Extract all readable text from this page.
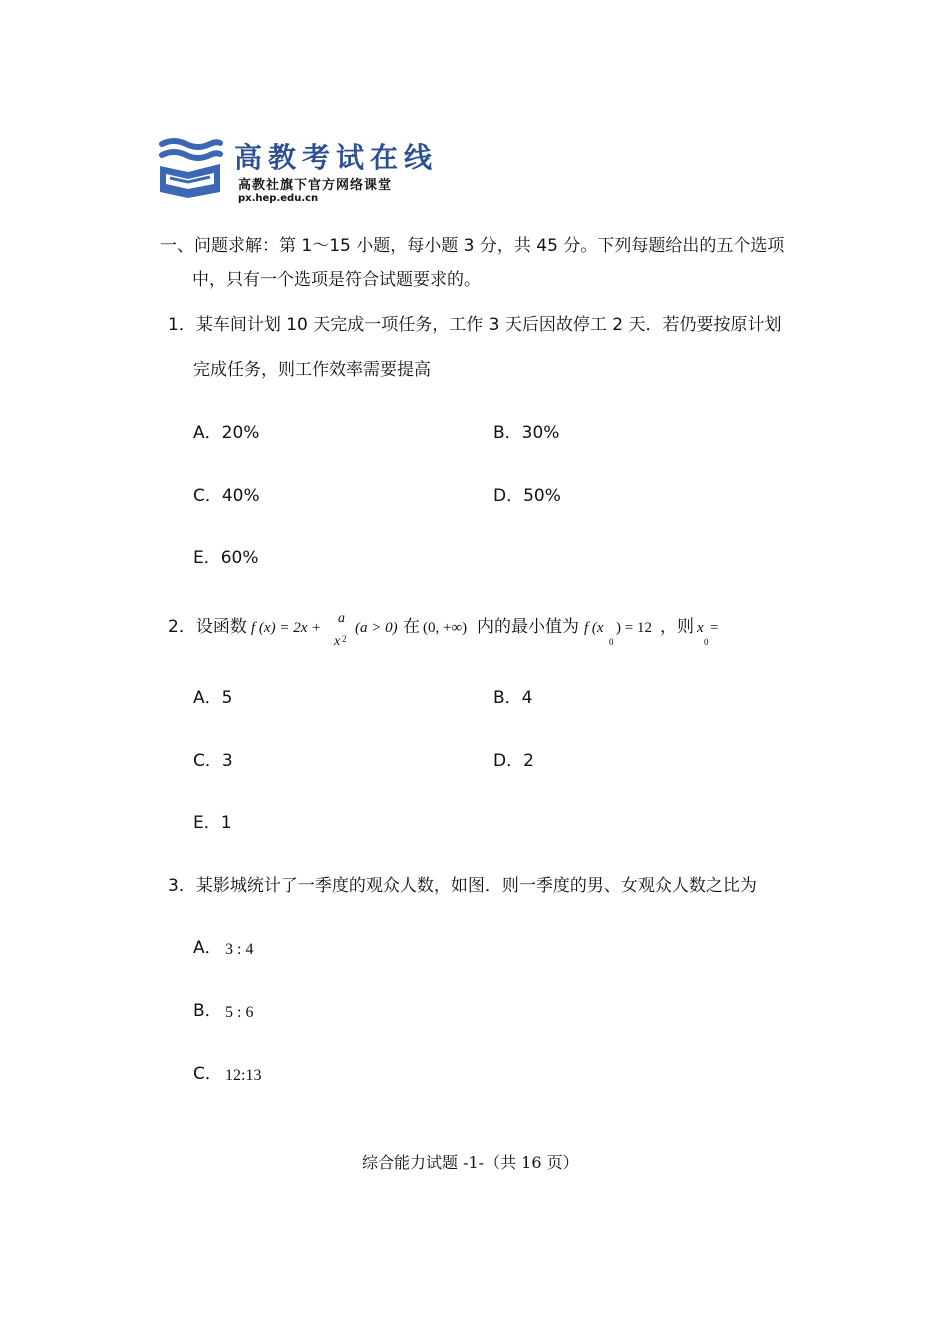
高教考试在线
高教社旗下官方网络课堂
px.hep.edu.cn
一、问题求解：第 1～15 小题，每小题 3 分，共 45 分。下列每题给出的五个选项
中，只有一个选项是符合试题要求的。
1．某车间计划 10 天完成一项任务，工作 3 天后因故停工 2 天．若仍要按原计划
完成任务，则工作效率需要提高
A．20%	B．30%
C．40%	D．50%
E．60%
2．设函数 f (x) = 2x +
a
x 2
(a > 0) 在 (0, +∞) 内的最小值为 f (x
0
) = 12 ，则 x
0
=
A．5	B．4
C．3	D．2
E．1
3．某影城统计了一季度的观众人数，如图．则一季度的男、女观众人数之比为
A． 3 : 4
B． 5 : 6
C． 12:13
综合能力试题 -1-（共 16 页）
